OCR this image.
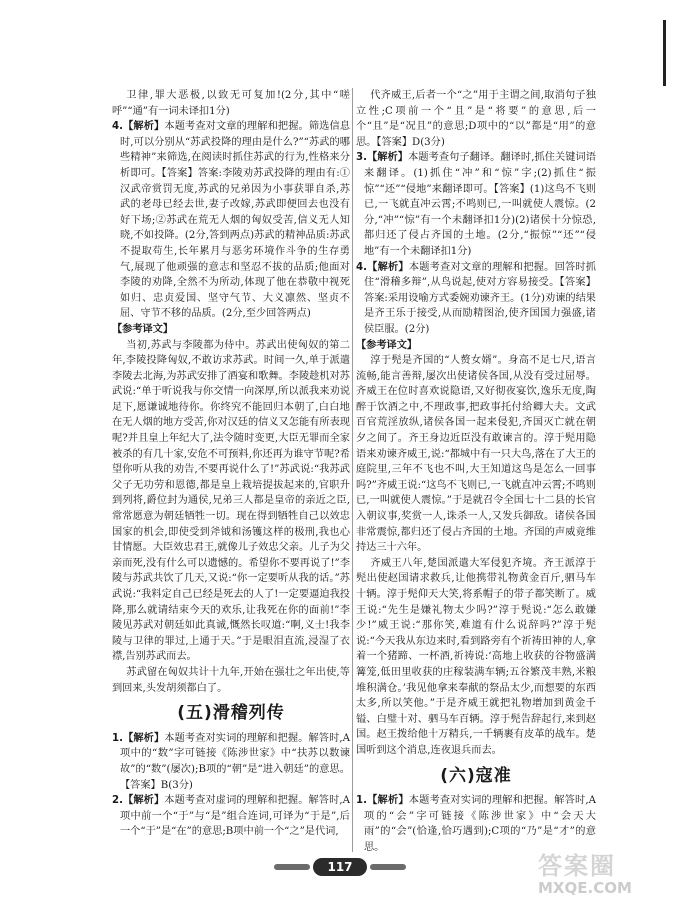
卫律,罪大恶极,以致无可复加!(2分,其中“嗟呼”“通”有一词未译扣1分)

4.【解析】本题考查对文章的理解和把握。筛选信息时,可以分别从“苏武投降的理由是什么?”“苏武的哪些精神”来筛选,在阅读时抓住苏武的行为,性格来分析即可。【答案】答案:李陵劝苏武投降的理由有:①汉武帝赏罚无度,苏武的兄弟因为小事获罪自杀,苏武的老母已经去世,妻子改嫁,苏武即便回去也没有好下场;②苏武在荒无人烟的匈奴受苦,信义无人知晓,不如投降。(2分,答到两点)苏武的精神品质:苏武不提取苟生,长年累月与恶劣环境作斗争的生存勇气,展现了他顽强的意志和坚忍不拔的品质;他面对李陵的劝降,全然不为所动,体现了他在恭敬中视死如归、忠贞爱国、坚守气节、大义凛然、坚贞不屈、守节不移的品质。(2分,至少回答两点)

【参考译文】

当初,苏武与李陵都为侍中。苏武出使匈奴的第二年,李陵投降匈奴,不敢访求苏武。时间一久,单于派遣李陵去北海,为苏武安排了酒宴和歌舞。李陵趁机对苏武说:“单于听说我与你交情一向深厚,所以派我来劝说足下,愿谦诚地待你。你终究不能回归本朝了,白白地在无人烟的地方受苦,你对汉廷的信义又怎能有所表现呢?并且皇上年纪大了,法令随时变更,大臣无罪而全家被杀的有几十家,安危不可预料,你还再为谁守节呢?希望你听从我的劝告,不要再说什么了!”苏武说:“我苏武父子无功劳和恩德,都是皇上栽培提拔起来的,官职升到列将,爵位封为通侯,兄弟三人都是皇帝的亲近之臣,常常愿意为朝廷牺牲一切。现在得到牺牲自己以效忠国家的机会,即使受到斧钺和汤镬这样的极刑,我也心甘情愿。大臣效忠君王,就像儿子效忠父亲。儿子为父亲而死,没有什么可以遗憾的。希望你不要再说了!”李陵与苏武共饮了几天,又说:“你一定要听从我的话。”苏武说:“我料定自己已经是死去的人了!一定要逼迫我投降,那么就请结束今天的欢乐,让我死在你的面前!”李陵见苏武对朝廷如此真诚,慨然长叹道:“啊,义士!我李陵与卫律的罪过,上通于天。”于是眼泪直流,浸湿了衣襟,告别苏武而去。

苏武留在匈奴共计十九年,开始在强壮之年出使,等到回来,头发胡须都白了。

(五)滑稽列传

1.【解析】本题考查对实词的理解和把握。解答时,A项中的“数”字可链接《陈涉世家》中“扶苏以数谏故”的“数”(屡次);B项的“朝”是“进入朝廷”的意思。【答案】B(3分)

2.【解析】本题考查对虚词的理解和把握。解答时,A项中前一个“于”与“是”组合连词,可译为“于是”,后一个“于”是“在”的意思;B项中前一个“之”是代词,

代齐威王,后者一个“之”用于主谓之间,取消句子独立性;C项前一个“且”是“将要”的意思,后一个“且”是“况且”的意思;D项中的“以”都是“用”的意思。【答案】D(3分)

3.【解析】本题考查句子翻译。翻译时,抓住关键词语来翻译。(1)抓住“冲”和“惊”字;(2)抓住“振惊”“还”“侵地”来翻译即可。【答案】(1)这鸟不飞则已,一飞就直冲云霄;不鸣则已,一叫就使人震惊。(2分,“冲”“惊”有一个未翻译扣1分)(2)诸侯十分惊恐,都归还了侵占齐国的土地。(2分,“振惊”“还”“侵地”有一个未翻译扣1分)

4.【解析】本题考查对文章的理解和把握。回答时抓住“滑稽多辩”,从鸟说起,使对方容易接受。【答案】答案:采用设喻方式委婉劝谏齐王。(1分)劝谏的结果是齐王乐于接受,从而励精图治,使齐国国力强盛,诸侯臣服。(2分)

【参考译文】

淳于髡是齐国的“人赘女婿”。身高不足七尺,语言流畅,能言善辩,屡次出使诸侯各国,从没有受过屈辱。齐威王在位时喜欢说隐语,又好彻夜宴饮,逸乐无度,陶醉于饮酒之中,不理政事,把政事托付给卿大夫。文武百官荒淫放纵,诸侯各国一起来侵犯,齐国灭亡就在朝夕之间了。齐王身边近臣没有敢谏言的。淳于髡用隐语来劝谏齐威王,说:“都城中有一只大鸟,落在了大王的庭院里,三年不飞也不叫,大王知道这鸟是怎么一回事吗?”齐威王说:“这鸟不飞则已,一飞就直冲云霄;不鸣则已,一叫就使人震惊。”于是就召令全国七十二县的长官入朝议事,奖赏一人,诛杀一人,又发兵御敌。诸侯各国非常震惊,都归还了侵占齐国的土地。齐国的声威竟维持达三十六年。

齐威王八年,楚国派遣大军侵犯齐境。齐王派淳于髡出使赵国请求救兵,让他携带礼物黄金百斤,驷马车十辆。淳于髡仰天大笑,将系帽子的带子都笑断了。威王说:“先生是嫌礼物太少吗?”淳于髡说:“怎么敢嫌少!”威王说:“那你笑,难道有什么说辞吗?”淳于髡说:“今天我从东边来时,看到路旁有个祈祷田神的人,拿着一个猪蹄、一杯酒,祈祷说:‘高地上收获的谷物盛满篝笼,低田里收获的庄稼装满车辆;五谷繁茂丰熟,米粮堆积满仓。’我见他拿来奉献的祭品太少,而想要的东西太多,所以笑他。”于是齐威王就把礼物增加到黄金千镒、白璧十对、驷马车百辆。淳于髡告辞起行,来到赵国。赵王拨给他十万精兵,一千辆裹有皮革的战车。楚国听到这个消息,连夜退兵而去。

(六)寇准

1.【解析】本题考查对实词的理解和把握。解答时,A项的“会”字可链接《陈涉世家》中“会天大雨”的“会”(恰逢,恰巧遇到);C项的“乃”是“才”的意思。

117	答案圈
MXQE.COM
